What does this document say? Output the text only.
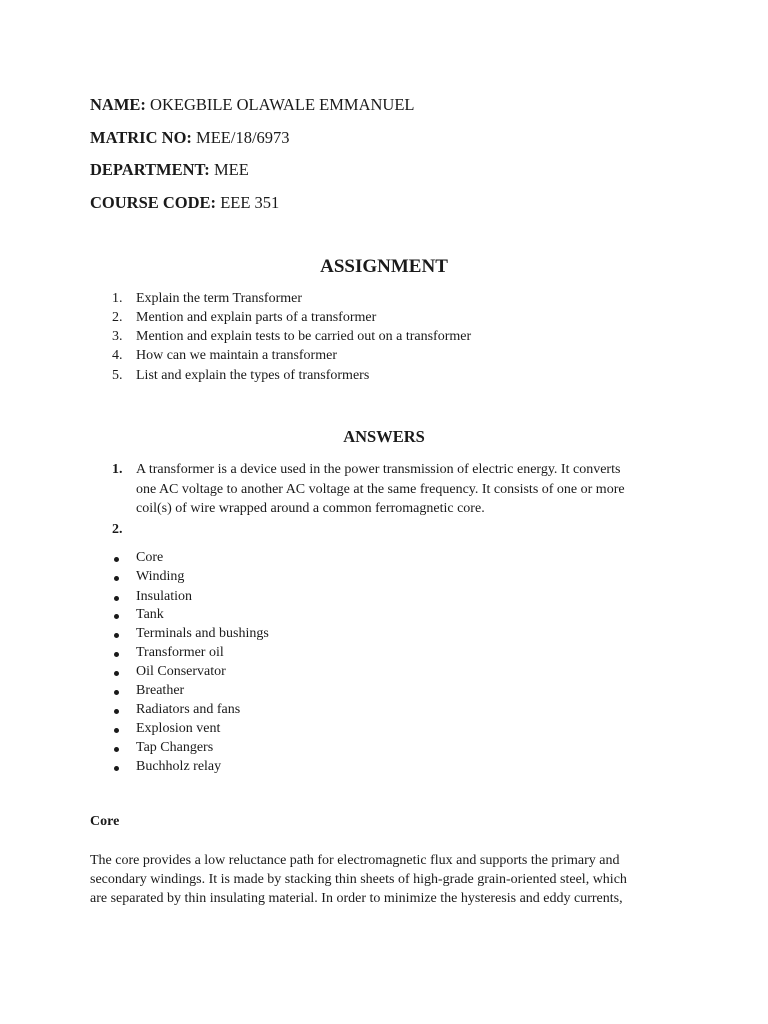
NAME: OKEGBILE OLAWALE EMMANUEL
MATRIC NO: MEE/18/6973
DEPARTMENT: MEE
COURSE CODE: EEE 351
ASSIGNMENT
1. Explain the term Transformer
2. Mention and explain parts of a transformer
3. Mention and explain tests to be carried out on a transformer
4. How can we maintain a transformer
5. List and explain the types of transformers
ANSWERS
1. A transformer is a device used in the power transmission of electric energy. It converts
one AC voltage to another AC voltage at the same frequency. It consists of one or more
coil(s) of wire wrapped around a common ferromagnetic core.
2.
Core
Winding
Insulation
Tank
Terminals and bushings
Transformer oil
Oil Conservator
Breather
Radiators and fans
Explosion vent
Tap Changers
Buchholz relay
Core
The core provides a low reluctance path for electromagnetic flux and supports the primary and
secondary windings. It is made by stacking thin sheets of high-grade grain-oriented steel, which
are separated by thin insulating material. In order to minimize the hysteresis and eddy currents,
